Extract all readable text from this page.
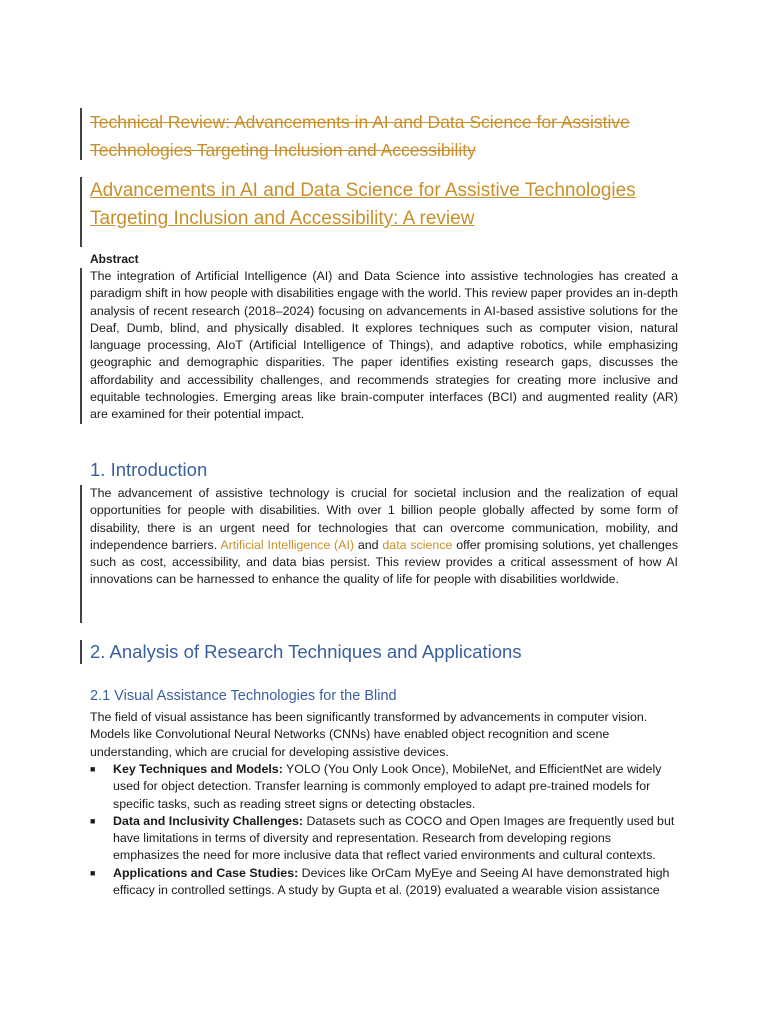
Technical Review: Advancements in AI and Data Science for Assistive Technologies Targeting Inclusion and Accessibility
Advancements in AI and Data Science for Assistive Technologies Targeting Inclusion and Accessibility: A review
Abstract
The integration of Artificial Intelligence (AI) and Data Science into assistive technologies has created a paradigm shift in how people with disabilities engage with the world. This review paper provides an in-depth analysis of recent research (2018–2024) focusing on advancements in AI-based assistive solutions for the Deaf, Dumb, blind, and physically disabled. It explores techniques such as computer vision, natural language processing, AIoT (Artificial Intelligence of Things), and adaptive robotics, while emphasizing geographic and demographic disparities. The paper identifies existing research gaps, discusses the affordability and accessibility challenges, and recommends strategies for creating more inclusive and equitable technologies. Emerging areas like brain-computer interfaces (BCI) and augmented reality (AR) are examined for their potential impact.
1. Introduction
The advancement of assistive technology is crucial for societal inclusion and the realization of equal opportunities for people with disabilities. With over 1 billion people globally affected by some form of disability, there is an urgent need for technologies that can overcome communication, mobility, and independence barriers. Artificial Intelligence (AI) and data science offer promising solutions, yet challenges such as cost, accessibility, and data bias persist. This review provides a critical assessment of how AI innovations can be harnessed to enhance the quality of life for people with disabilities worldwide.
2. Analysis of Research Techniques and Applications
2.1 Visual Assistance Technologies for the Blind
The field of visual assistance has been significantly transformed by advancements in computer vision. Models like Convolutional Neural Networks (CNNs) have enabled object recognition and scene understanding, which are crucial for developing assistive devices.
■ Key Techniques and Models: YOLO (You Only Look Once), MobileNet, and EfficientNet are widely used for object detection. Transfer learning is commonly employed to adapt pre-trained models for specific tasks, such as reading street signs or detecting obstacles.
■ Data and Inclusivity Challenges: Datasets such as COCO and Open Images are frequently used but have limitations in terms of diversity and representation. Research from developing regions emphasizes the need for more inclusive data that reflect varied environments and cultural contexts.
■ Applications and Case Studies: Devices like OrCam MyEye and Seeing AI have demonstrated high efficacy in controlled settings. A study by Gupta et al. (2019) evaluated a wearable vision assistance
